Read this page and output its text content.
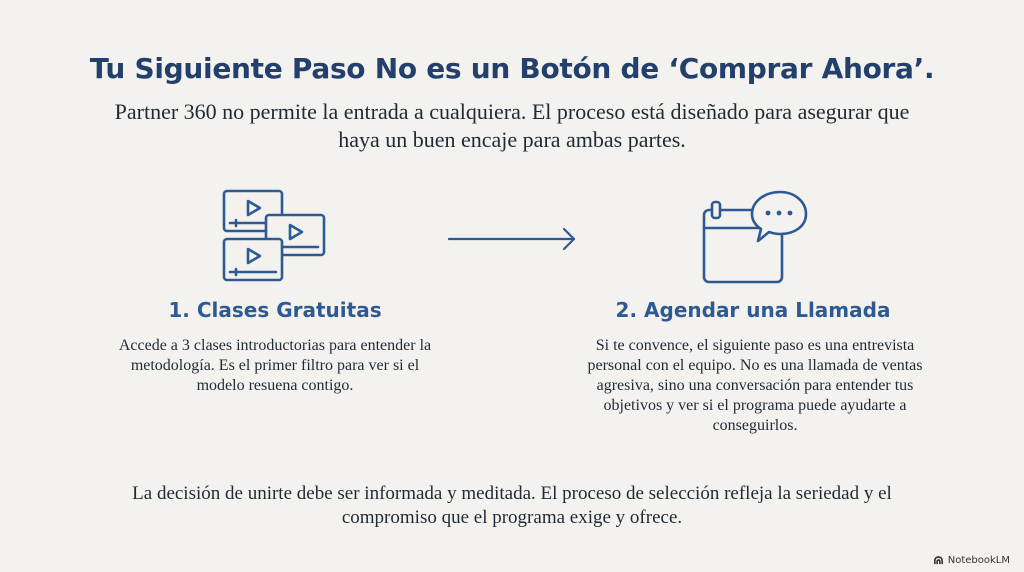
Tu Siguiente Paso No es un Botón de ‘Comprar Ahora’.
Partner 360 no permite la entrada a cualquiera. El proceso está diseñado para asegurar que haya un buen encaje para ambas partes.
1. Clases Gratuitas
Accede a 3 clases introductorias para entender la metodología. Es el primer filtro para ver si el modelo resuena contigo.
2. Agendar una Llamada
Si te convence, el siguiente paso es una entrevista personal con el equipo. No es una llamada de ventas agresiva, sino una conversación para entender tus objetivos y ver si el programa puede ayudarte a conseguirlos.
La decisión de unirte debe ser informada y meditada. El proceso de selección refleja la seriedad y el compromiso que el programa exige y ofrece.
NotebookLM
